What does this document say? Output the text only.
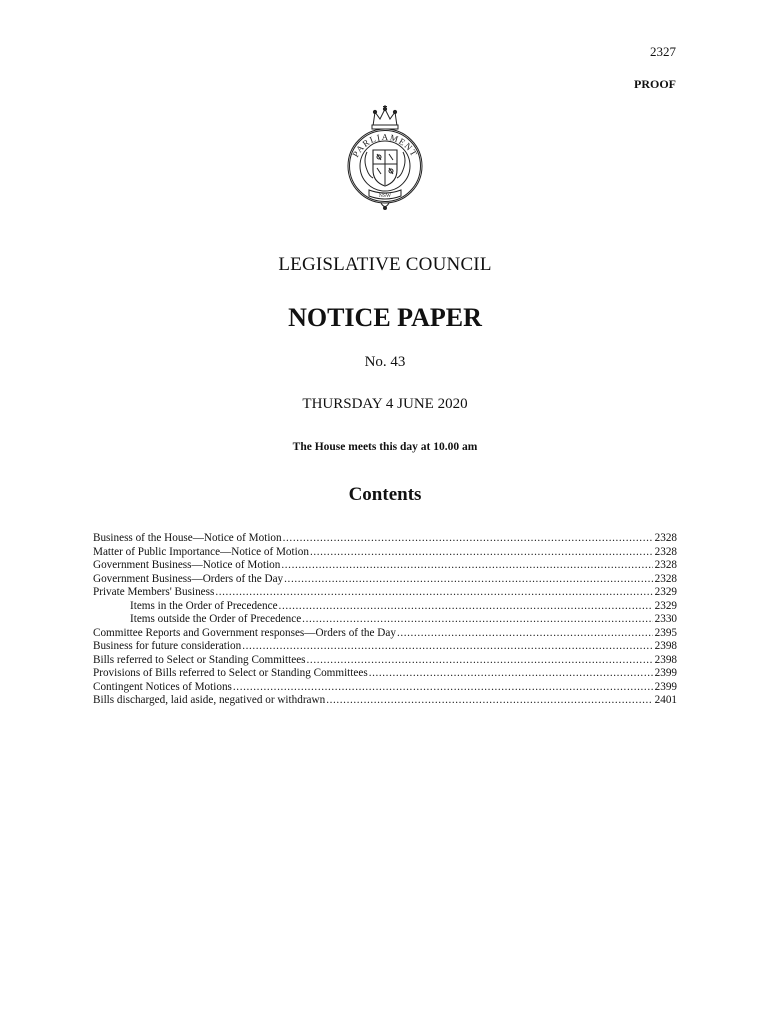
2327
PROOF
PARLIAMENT
NSW
LEGISLATIVE COUNCIL
NOTICE PAPER
No. 43
THURSDAY 4 JUNE 2020
The House meets this day at 10.00 am
Contents
Business of the House—Notice of Motion .....	2328
Matter of Public Importance—Notice of Motion .....	2328
Government Business—Notice of Motion .....	2328
Government Business—Orders of the Day .....	2328
Private Members' Business .....	2329
Items in the Order of Precedence .....	2329
Items outside the Order of Precedence .....	2330
Committee Reports and Government responses—Orders of the Day .....	2395
Business for future consideration .....	2398
Bills referred to Select or Standing Committees .....	2398
Provisions of Bills referred to Select or Standing Committees .....	2399
Contingent Notices of Motions .....	2399
Bills discharged, laid aside, negatived or withdrawn .....	2401
